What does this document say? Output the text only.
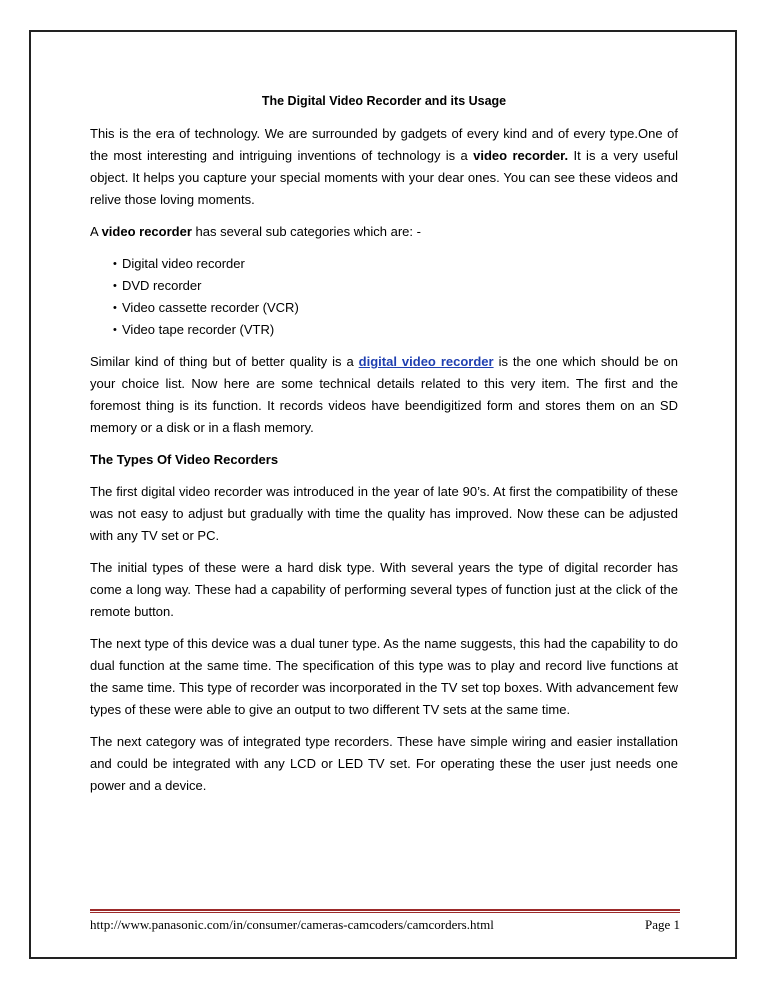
The Digital Video Recorder and its Usage

This is the era of technology. We are surrounded by gadgets of every kind and of every type.One of the most interesting and intriguing inventions of technology is a video recorder. It is a very useful object. It helps you capture your special moments with your dear ones. You can see these videos and relive those loving moments.

A video recorder has several sub categories which are: -

• Digital video recorder
• DVD recorder
• Video cassette recorder (VCR)
• Video tape recorder (VTR)

Similar kind of thing but of better quality is a digital video recorder is the one which should be on your choice list. Now here are some technical details related to this very item. The first and the foremost thing is its function. It records videos have beendigitized form and stores them on an SD memory or a disk or in a flash memory.

The Types Of Video Recorders

The first digital video recorder was introduced in the year of late 90’s. At first the compatibility of these was not easy to adjust but gradually with time the quality has improved. Now these can be adjusted with any TV set or PC.

The initial types of these were a hard disk type. With several years the type of digital recorder has come a long way. These had a capability of performing several types of function just at the click of the remote button.

The next type of this device was a dual tuner type. As the name suggests, this had the capability to do dual function at the same time. The specification of this type was to play and record live functions at the same time. This type of recorder was incorporated in the TV set top boxes. With advancement few types of these were able to give an output to two different TV sets at the same time.

The next category was of integrated type recorders. These have simple wiring and easier installation and could be integrated with any LCD or LED TV set. For operating these the user just needs one power and a device.

http://www.panasonic.com/in/consumer/cameras-camcoders/camcorders.html	Page 1
